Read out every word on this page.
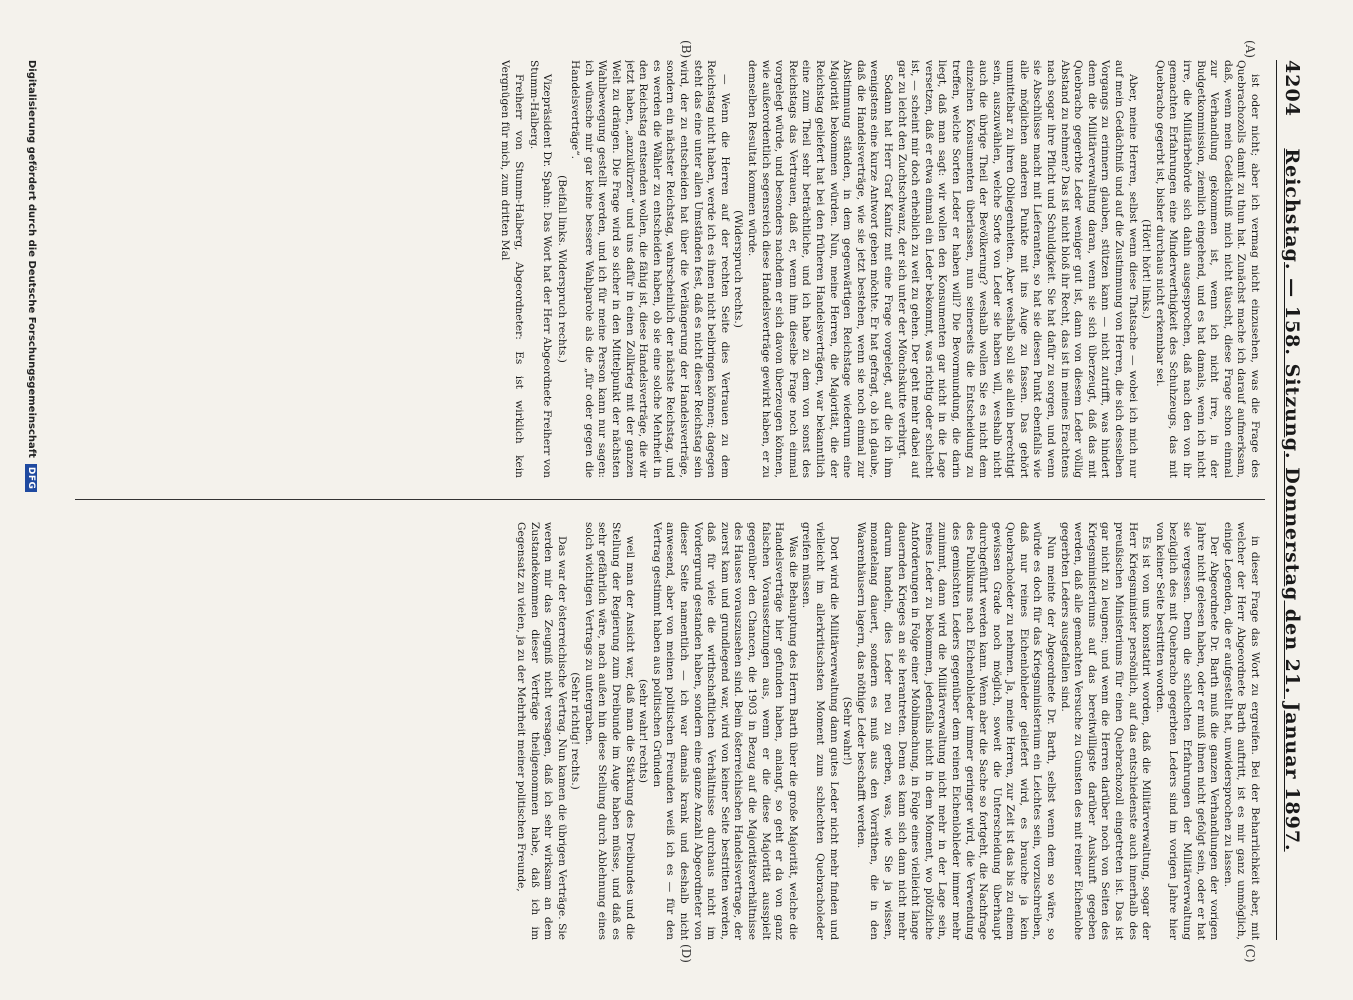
4204
Reichstag. — 158. Sitzung. Donnerstag den 21. Januar 1897.
(A)
(B)
(C)
(D)

ist oder nicht; aber ich vermag nicht einzusehen, was die Frage des Quebrachozolls damit zu thun hat. Zunächst mache ich darauf aufmerksam, daß, wenn mein Gedächtniß mich nicht täuscht, diese Frage schon einmal zur Verhandlung gekommen ist, wenn ich nicht irre, in der Budgetkommission, ziemlich eingehend, und es hat damals, wenn ich nicht irre, die Militärbehörde sich dahin ausgesprochen, daß nach den von ihr gemachten Erfahrungen eine Minderwerthigkeit des Schuhzeugs, das mit Quebracho gegerbt ist, bisher durchaus nicht erkennbar sei.

(Hört! hört! links.)

Aber, meine Herren, selbst wenn diese Thatsache — wobei ich mich nur auf mein Gedächtniß und auf die Zustimmung von Herren, die sich desselben Vorgangs zu erinnern glauben, stützen kann — nicht zutrifft, was hindert denn die Militärverwaltung daran, wenn sie sich überzeugt, daß das mit Quebracho gegerbte Leder weniger gut ist, dann von diesem Leder völlig Abstand zu nehmen? Das ist nicht bloß ihr Recht, das ist in meines Erachtens nach sogar ihre Pflicht und Schuldigkeit. Sie hat dafür zu sorgen, und wenn sie Abschlüsse macht mit Lieferanten, so hat sie diesen Punkt ebenfalls wie alle möglichen anderen Punkte mit ins Auge zu fassen. Das gehört unmittelbar zu ihren Obliegenheiten. Aber weshalb soll sie allein berechtigt sein, auszuwählen, welche Sorte von Leder sie haben will, weshalb nicht auch die übrige Theil der Bevölkerung? weshalb wollen Sie es nicht dem einzelnen Konsumenten überlassen, nun seinerseits die Entscheidung zu treffen, welche Sorten Leder er haben will? Die Bevormundung, die darin liegt, daß man sagt: wir wollen den Konsumenten gar nicht in die Lage versetzen, daß er etwa einmal ein Leder bekommt, was richtig oder schlecht ist, — scheint mir doch erheblich zu weit zu gehen. Der geht mehr dabei auf gar zu leicht den Zuchtschwanz, der sich unter der Mönchskutte verbirgt.

Sodann hat Herr Graf Kanitz mit eine Frage vorgelegt, auf die ich ihm wenigstens eine kurze Antwort geben möchte. Er hat gefragt, ob ich glaube, daß die Handelsverträge, wie sie jetzt bestehen, wenn sie noch einmal zur Abstimmung ständen, in dem gegenwärtigen Reichstage wiederum eine Majorität bekommen würden. Nun, meine Herren, die Majorität, die der Reichstag geliefert hat bei den früheren Handelsverträgen, war bekanntlich eine zum Theil sehr beträchtliche, und ich habe zu dem von sonst des Reichstags das Vertrauen, daß er, wenn ihm dieselbe Frage noch einmal vorgelegt würde, und besonders nachdem er sich davon überzeugen können, wie außerordentlich segensreich diese Handelsverträge gewirkt haben, er zu demselben Resultat kommen würde.

(Widerspruch rechts.)

— Wenn die Herren auf der rechten Seite dies Vertrauen zu dem Reichstag nicht haben, werde ich es ihnen nicht beibringen können; dagegen steht das eine unter allen Umständen fest, daß es nicht dieser Reichstag sein wird, der zu entscheiden hat über die Verlängerung der Handelsverträge, sondern ein nächster Reichstag, wahrscheinlich der nächste Reichstag, und es werden die Wähler zu entscheiden haben, ob sie eine solche Mehrheit in den Reichstag entsenden wollen, die fähig ist, diese Handelsverträge, die wir jetzt haben, „anzukürzen“ und uns dafür in einen Zollkrieg mit der ganzen Welt zu drängen. Die Frage wird so sicher in den Mittelpunkt der nächsten Wahlbewegung gestellt werden, und ich für meine Person kann nur sagen: ich wünsche mir gar keine bessere Wahlparole als die „für oder gegen die Handelsverträge“.

(Beifall links. Widerspruch rechts.)

Vizepräsident Dr. Spahn: Das Wort hat der Herr Abgeordnete Freiherr von Stumm-Halberg.

Freiherr von Stumm-Halberg, Abgeordneter: Es ist wirklich kein Vergnügen für mich, zum dritten Mal

in dieser Frage das Wort zu ergreifen. Bei der Beharrlichkeit aber, mit welcher der Herr Abgeordnete Barth auftritt, ist es mir ganz unmöglich, einige Legenden, die er aufgestellt hat, unwidersprochen zu lassen.

Der Abgeordnete Dr. Barth muß die ganzen Verhandlungen der vorigen Jahre nicht gelesen haben, oder er muß ihnen nicht gefolgt sein, oder er hat sie vergessen. Denn die schlechten Erfahrungen der Militärverwaltung bezüglich des mit Quebracho gegerbten Leders sind im vorigen Jahre hier von keiner Seite bestritten worden.

Es ist von uns konstatirt worden, daß die Militärverwaltung, sogar der Herr Kriegsminister persönlich, auf das entschiedenste auch innerhalb des preußischen Ministeriums für einen Quebrachozoll eingetreten ist. Das ist gar nicht zu leugnen; und wenn die Herren darüber noch von Seiten des Kriegsministeriums auf das bereitwilligste darüber Auskunft gegeben werden, daß alle gemachten Versuche zu Gunsten des mit reiner Eichenlohe gegerbten Leders ausgefallen sind.

Nun meinte der Abgeordnete Dr. Barth, selbst wenn dem so wäre, so würde es doch für das Kriegsministerium ein Leichtes sein, vorzuschreiben, daß nur reines Eichenlohleder geliefert wird, es brauche ja kein Quebracholeder zu nehmen. Ja, meine Herren, zur Zeit ist das bis zu einem gewissen Grade noch möglich, soweit die Unterscheidung überhaupt durchgeführt werden kann. Wenn aber die Sache so fortgeht, die Nachfrage des Publikums nach Eichenlohleder immer geringer wird, die Verwendung des gemischten Leders gegenüber dem reinen Eichenlohleder immer mehr zunimmt, dann wird die Militärverwaltung nicht mehr in der Lage sein, reines Leder zu bekommen, jedenfalls nicht in dem Moment, wo plötzliche Anforderungen in Folge einer Mobilmachung, in Folge eines vielleicht lange dauernden Krieges an sie herantreten. Denn es kann sich dann nicht mehr darum handeln, dies Leder neu zu gerben, was, wie Sie ja wissen, monatelang dauert, sondern es muß aus den Vorräthen, die in den Waarenhäusern lagern, das nöthige Leder beschafft werden.

(Sehr wahr!)

Dort wird die Militärverwaltung dann gutes Leder nicht mehr finden und vielleicht im allerkritischsten Moment zum schlechten Quebracholeder greifen müssen.

Was die Behauptung des Herrn Barth über die große Majorität, welche die Handelsverträge hier gefunden haben, anlangt, so geht er da von ganz falschen Voraussetzungen aus, wenn er die diese Majorität ausspielt gegenüber den Chancen, die 1903 in Bezug auf die Majoritätsverhältnisse des Hauses vorauszusehen sind. Beim österreichischen Handelsvertrage, der zuerst kam und grundlegend war, wird von keiner Seite bestritten werden, daß für viele die wirthschaftlichen Verhältnisse durchaus nicht im Vordergrund gestanden haben, sondern eine ganze Anzahl Abgeordneter von dieser Seite namentlich — ich war damals krank und deshalb nicht anwesend, aber von meinen politischen Freunden weiß ich es — für den Vertrag gestimmt haben aus politischen Gründen

(sehr wahr! rechts)

weil man der Ansicht war, daß man die Stärkung des Dreibundes und die Stellung der Regierung zum Dreibunde im Auge haben müsse, und daß es sehr gefährlich wäre, nach außen hin diese Stellung durch Ablehnung eines solch wichtigen Vertrags zu untergraben.

(Sehr richtig! rechts.)

Das war der österreichische Vertrag. Nun kamen die übrigen Verträge. Sie werden mir das Zeugniß nicht versagen, daß ich sehr wirksam an dem Zustandekommen dieser Verträge theilgenommen habe, daß ich im Gegensatz zu vielen, ja zu der Mehrheit meiner politischen Freunde,

Digitalisierung gefördert durch die Deutsche ForschungsgemeinschaftDFG
